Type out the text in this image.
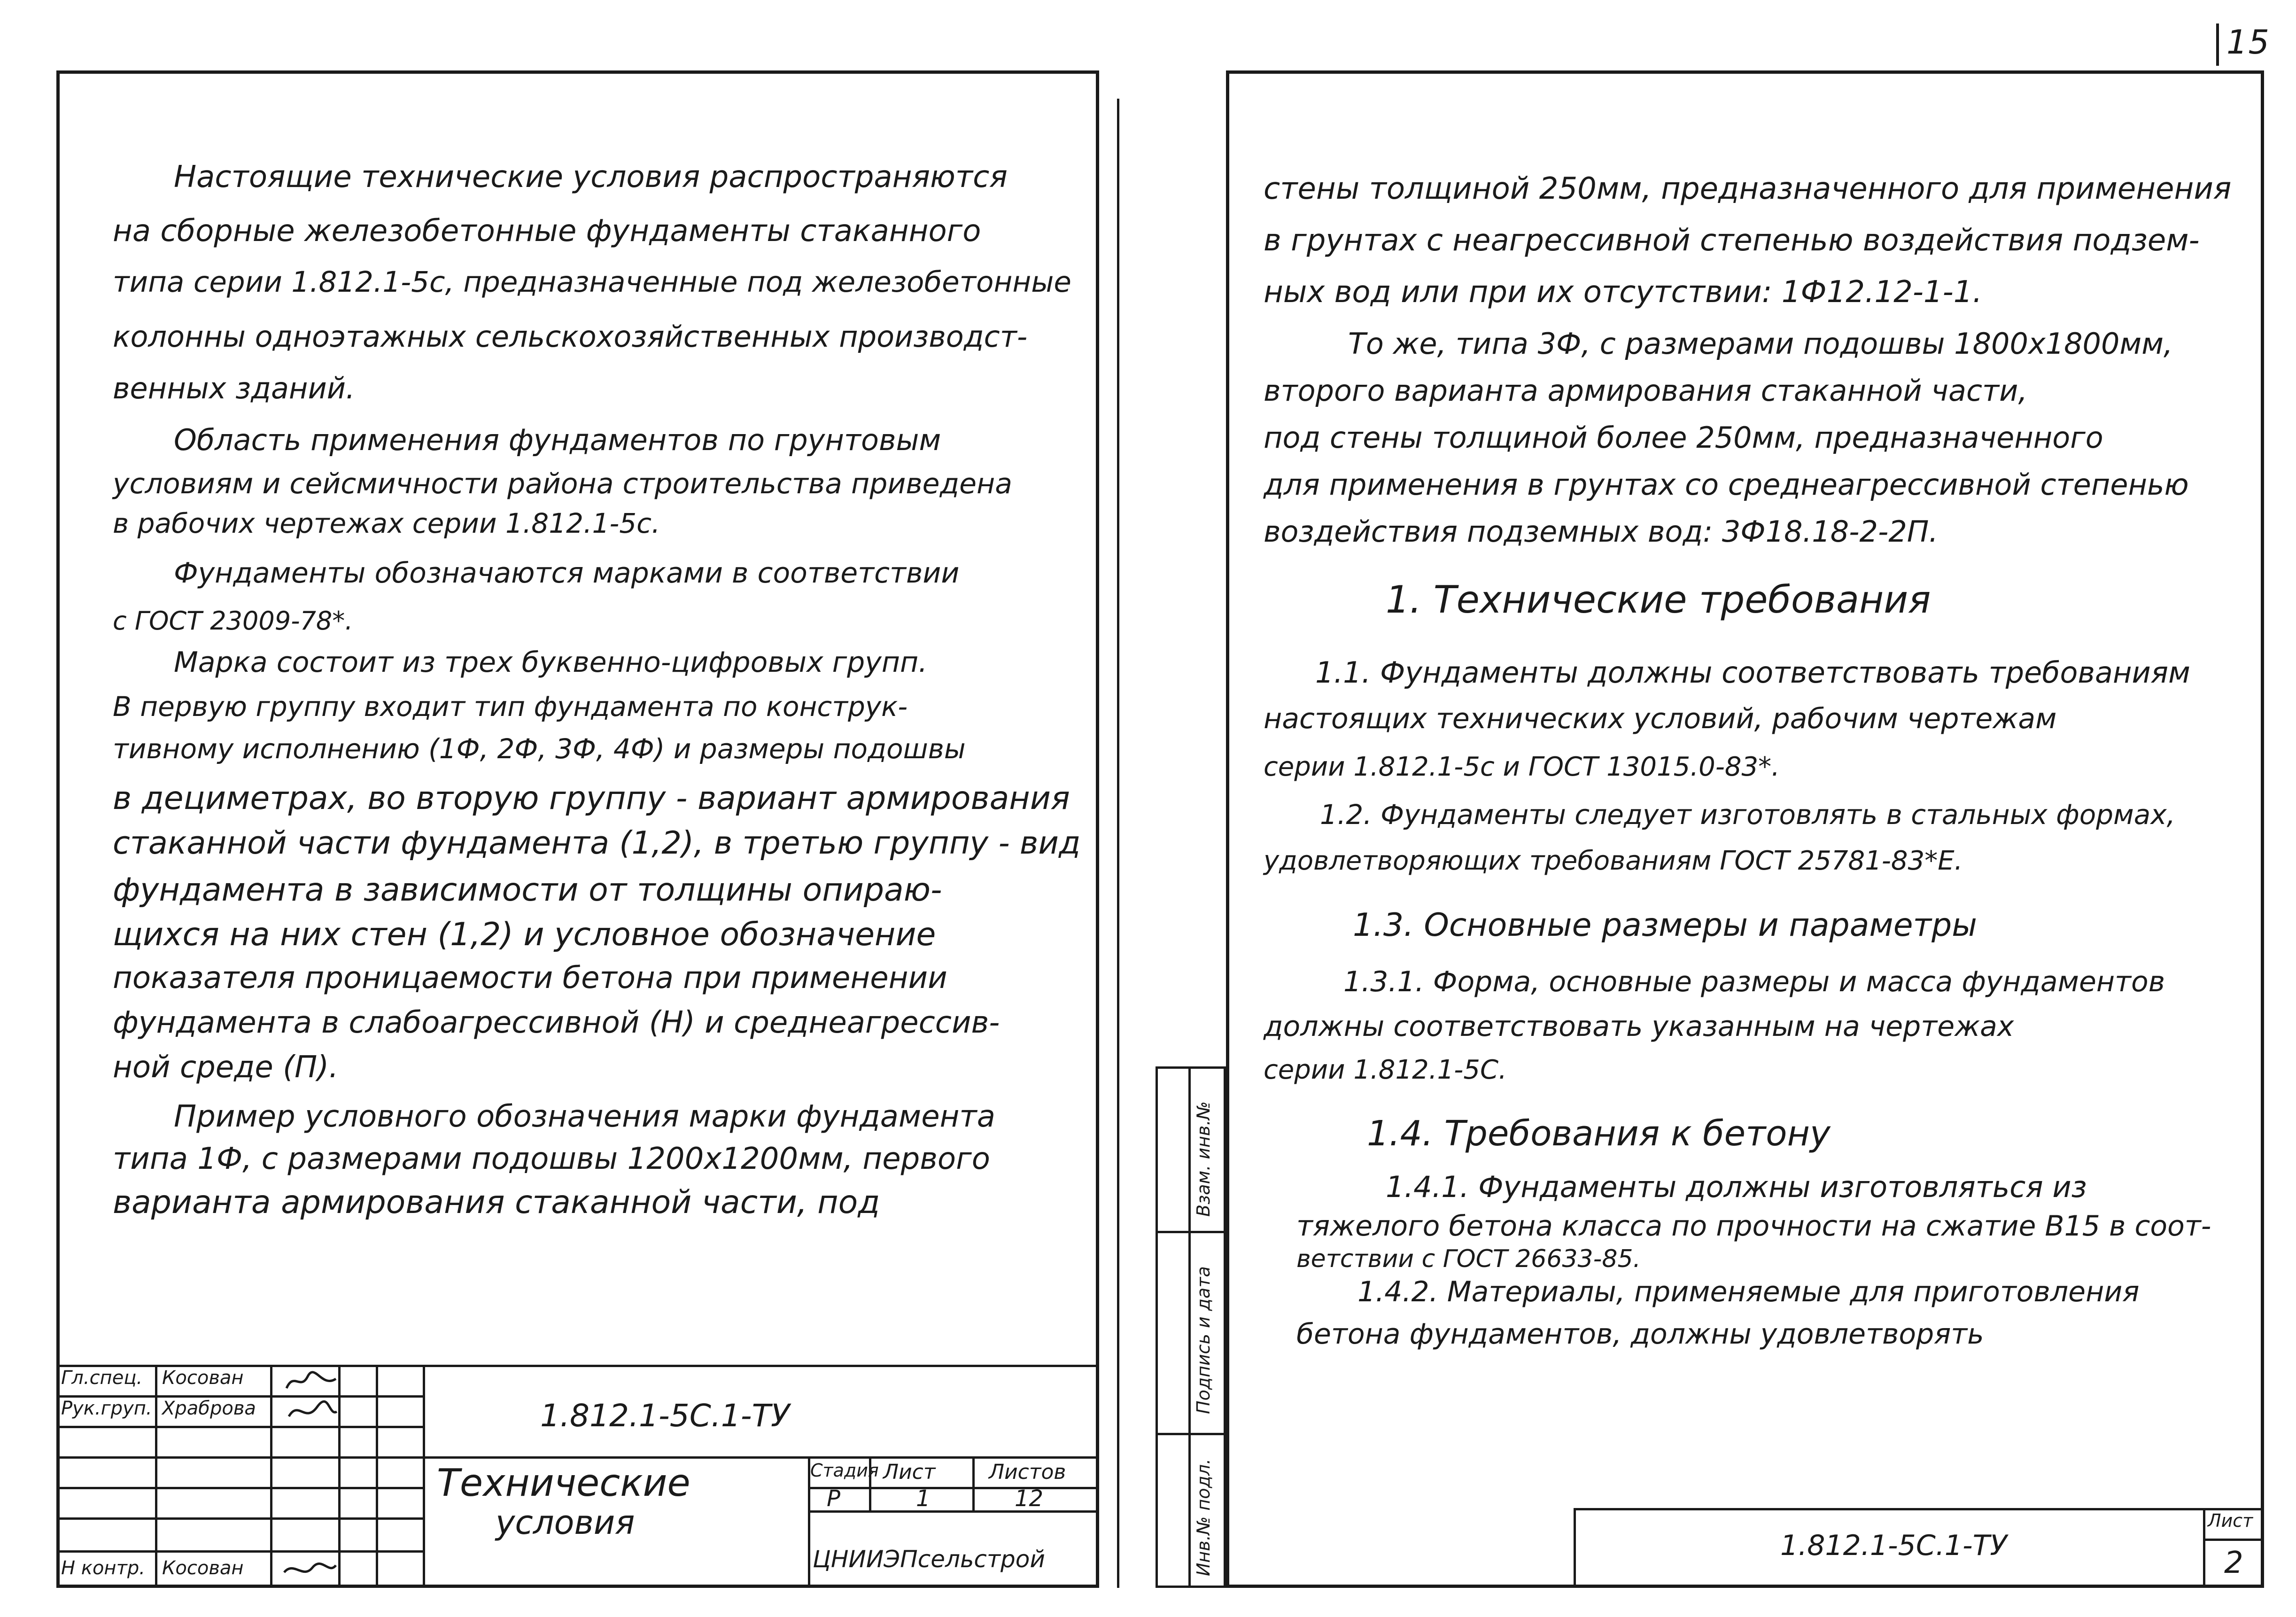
15
Настоящие технические условия распространяются
на сборные железобетонные фундаменты стаканного
типа серии 1.812.1-5с, предназначенные под железобетонные
колонны одноэтажных сельскохозяйственных производст-
венных зданий.
Область применения фундаментов по грунтовым
условиям и сейсмичности района строительства приведена
в рабочих чертежах серии 1.812.1-5с.
Фундаменты обозначаются марками в соответствии
с ГОСТ 23009-78*.
Марка состоит из трех буквенно-цифровых групп.
В первую группу входит тип фундамента по конструк-
тивному исполнению (1Ф, 2Ф, 3Ф, 4Ф) и размеры подошвы
в дециметрах, во вторую группу - вариант армирования
стаканной части фундамента (1,2), в третью группу - вид
фундамента в зависимости от толщины опираю-
щихся на них стен (1,2) и условное обозначение
показателя проницаемости бетона при применении
фундамента в слабоагрессивной (Н) и среднеагрессив-
ной среде (П).
Пример условного обозначения марки фундамента
типа 1Ф, с размерами подошвы 1200х1200мм, первого
варианта армирования стаканной части, под
Гл.спец. Косован
Рук.груп. Храброва
Н контр. Косован
1.812.1-5С.1-ТУ
Технические
условия
Стадия Лист	Листов
Р	1	12
ЦНИИЭПсельстрой
Взам. инв.№
Подпись и дата
Инв.№ подл.
стены толщиной 250мм, предназначенного для применения
в грунтах с неагрессивной степенью воздействия подзем-
ных вод или при их отсутствии: 1Ф12.12-1-1.
То же, типа 3Ф, с размерами подошвы 1800х1800мм,
второго варианта армирования стаканной части,
под стены толщиной более 250мм, предназначенного
для применения в грунтах со среднеагрессивной степенью
воздействия подземных вод: 3Ф18.18-2-2П.
1. Технические требования
1.1. Фундаменты должны соответствовать требованиям
настоящих технических условий, рабочим чертежам
серии 1.812.1-5с и ГОСТ 13015.0-83*.
1.2. Фундаменты следует изготовлять в стальных формах,
удовлетворяющих требованиям ГОСТ 25781-83*Е.
1.3. Основные размеры и параметры
1.3.1. Форма, основные размеры и масса фундаментов
должны соответствовать указанным на чертежах
серии 1.812.1-5С.
1.4. Требования к бетону
1.4.1. Фундаменты должны изготовляться из
тяжелого бетона класса по прочности на сжатие В15 в соот-
ветствии с ГОСТ 26633-85.
1.4.2. Материалы, применяемые для приготовления
бетона фундаментов, должны удовлетворять
1.812.1-5С.1-ТУ
Лист
2
